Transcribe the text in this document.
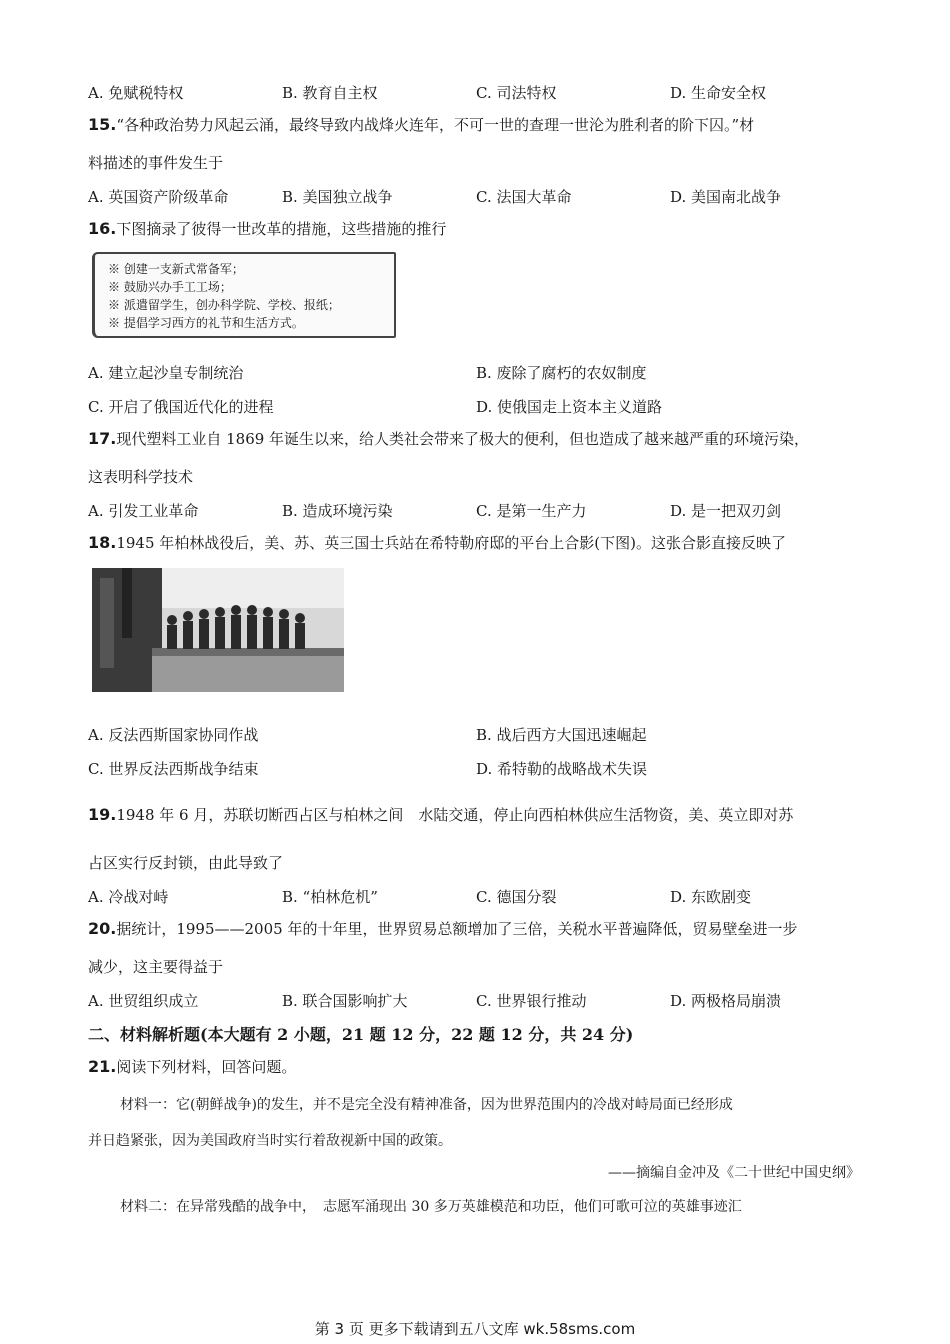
A. 免赋税特权	B. 教育自主权	C. 司法特权	D. 生命安全权
15.“各种政治势力风起云涌，最终导致内战烽火连年，不可一世的查理一世沦为胜利者的阶下囚。”材
料描述的事件发生于
A. 英国资产阶级革命	B. 美国独立战争	C. 法国大革命	D. 美国南北战争
16.下图摘录了彼得一世改革的措施，这些措施的推行
※ 创建一支新式常备军；
※ 鼓励兴办手工工场；
※ 派遣留学生，创办科学院、学校、报纸；
※ 提倡学习西方的礼节和生活方式。
A. 建立起沙皇专制统治	B. 废除了腐朽的农奴制度
C. 开启了俄国近代化的进程	D. 使俄国走上资本主义道路
17.现代塑料工业自 1869 年诞生以来，给人类社会带来了极大的便利，但也造成了越来越严重的环境污染，
这表明科学技术
A. 引发工业革命	B. 造成环境污染	C. 是第一生产力	D. 是一把双刃剑
18.1945 年柏林战役后，美、苏、英三国士兵站在希特勒府邸的平台上合影(下图)。这张合影直接反映了
A. 反法西斯国家协同作战	B. 战后西方大国迅速崛起
C. 世界反法西斯战争结束	D. 希特勒的战略战术失误
19.1948 年 6 月，苏联切断西占区与柏林之间　水陆交通，停止向西柏林供应生活物资，美、英立即对苏
占区实行反封锁，由此导致了
A. 冷战对峙	B. “柏林危机”	C. 德国分裂	D. 东欧剧变
20.据统计，1995——2005 年的十年里，世界贸易总额增加了三倍，关税水平普遍降低，贸易壁垒进一步
减少，这主要得益于
A. 世贸组织成立	B. 联合国影响扩大	C. 世界银行推动	D. 两极格局崩溃
二、材料解析题(本大题有 2 小题，21 题 12 分，22 题 12 分，共 24 分)
21.阅读下列材料，回答问题。
材料一：它(朝鲜战争)的发生，并不是完全没有精神准备，因为世界范围内的冷战对峙局面已经形成
并日趋紧张，因为美国政府当时实行着敌视新中国的政策。
——摘编自金冲及《二十世纪中国史纲》
材料二：在异常残酷的战争中，　志愿军涌现出 30 多万英雄模范和功臣，他们可歌可泣的英雄事迹汇
第 3 页 更多下载请到五八文库 wk.58sms.com
